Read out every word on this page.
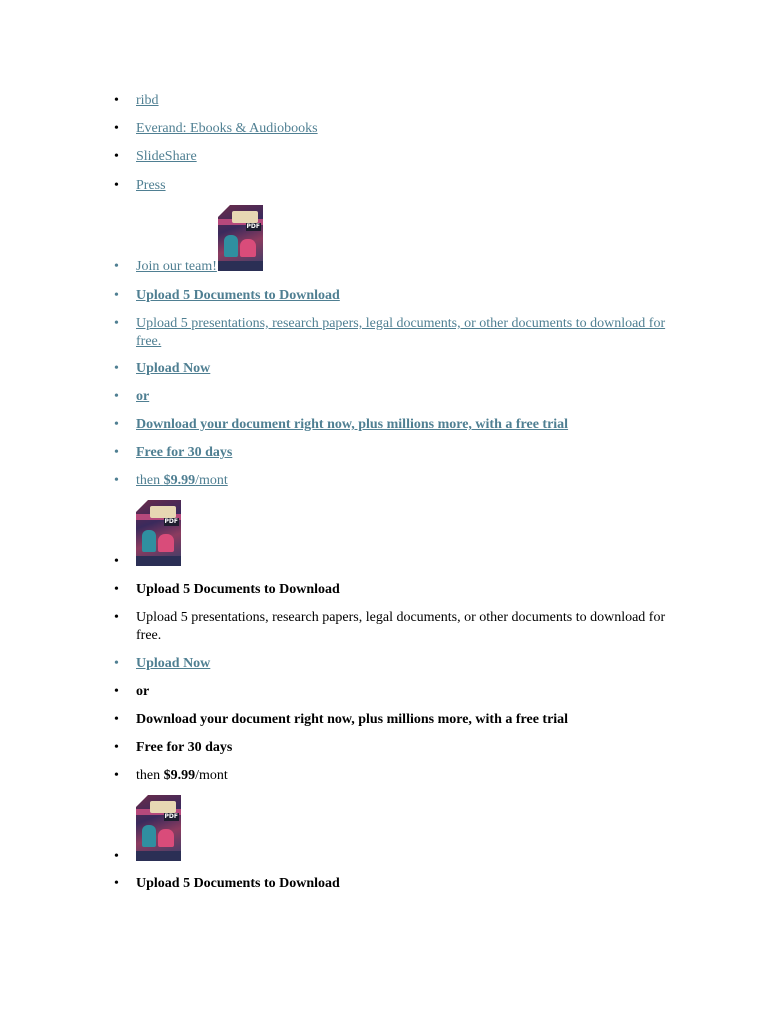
• ribd
• Everand: Ebooks & Audiobooks
• SlideShare
• Press
• Join our team!
PDF
• Upload 5 Documents to Download
• Upload 5 presentations, research papers, legal documents, or other documents to download for free.
• Upload Now
• or
• Download your document right now, plus millions more, with a free trial
• Free for 30 days
• then $9.99/mont
PDF
•
• Upload 5 Documents to Download
• Upload 5 presentations, research papers, legal documents, or other documents to download for free.
• Upload Now
• or
• Download your document right now, plus millions more, with a free trial
• Free for 30 days
• then $9.99/mont
PDF
•
• Upload 5 Documents to Download
